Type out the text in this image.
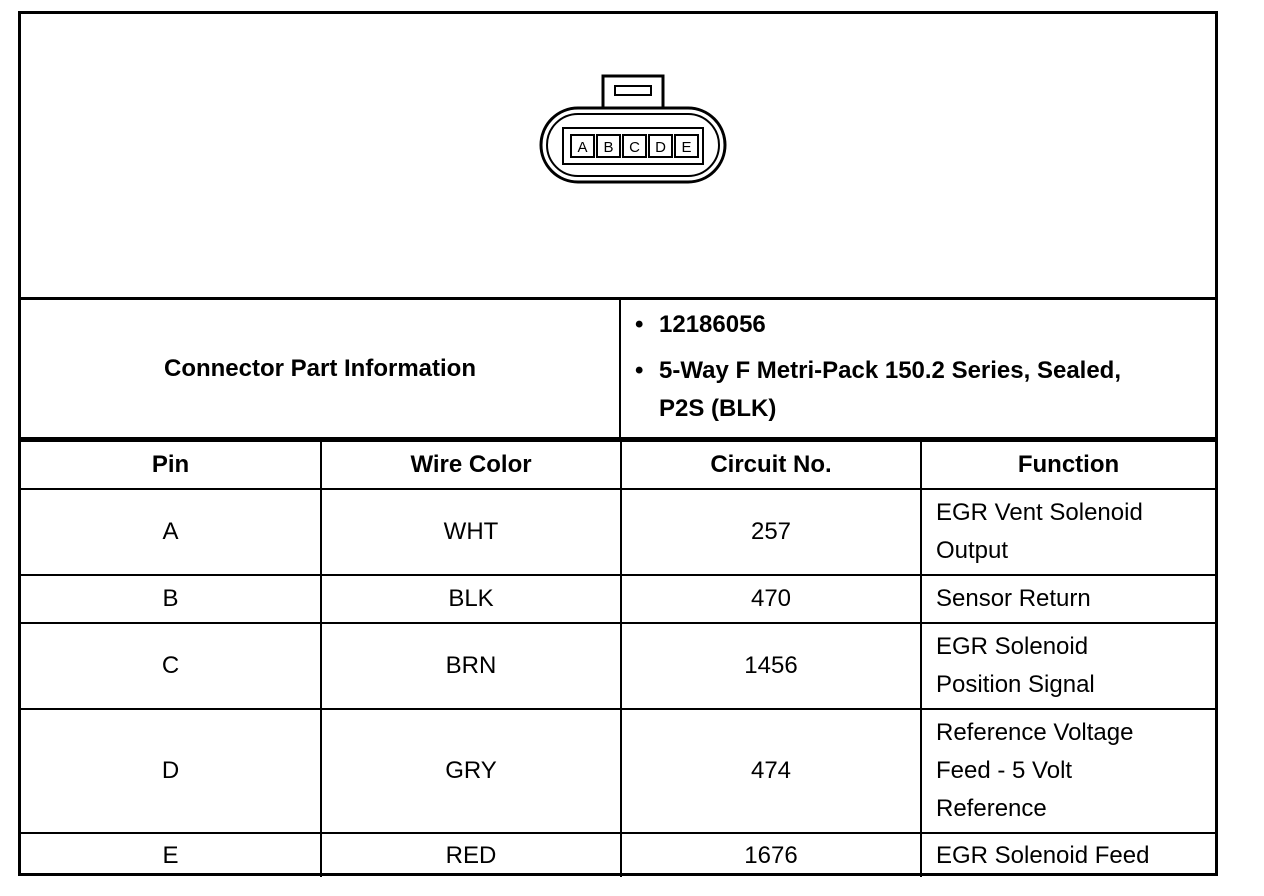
A B C D E
Connector Part Information
• 12186056
• 5-Way F Metri-Pack 150.2 Series, Sealed,
P2S (BLK)
Pin	Wire Color	Circuit No.	Function
A	WHT	257	EGR Vent Solenoid
Output

B	BLK	470	Sensor Return

C	BRN	1456	EGR Solenoid
Position Signal

D	GRY	474	Reference Voltage
Feed - 5 Volt
Reference

E	RED	1676	EGR Solenoid Feed
